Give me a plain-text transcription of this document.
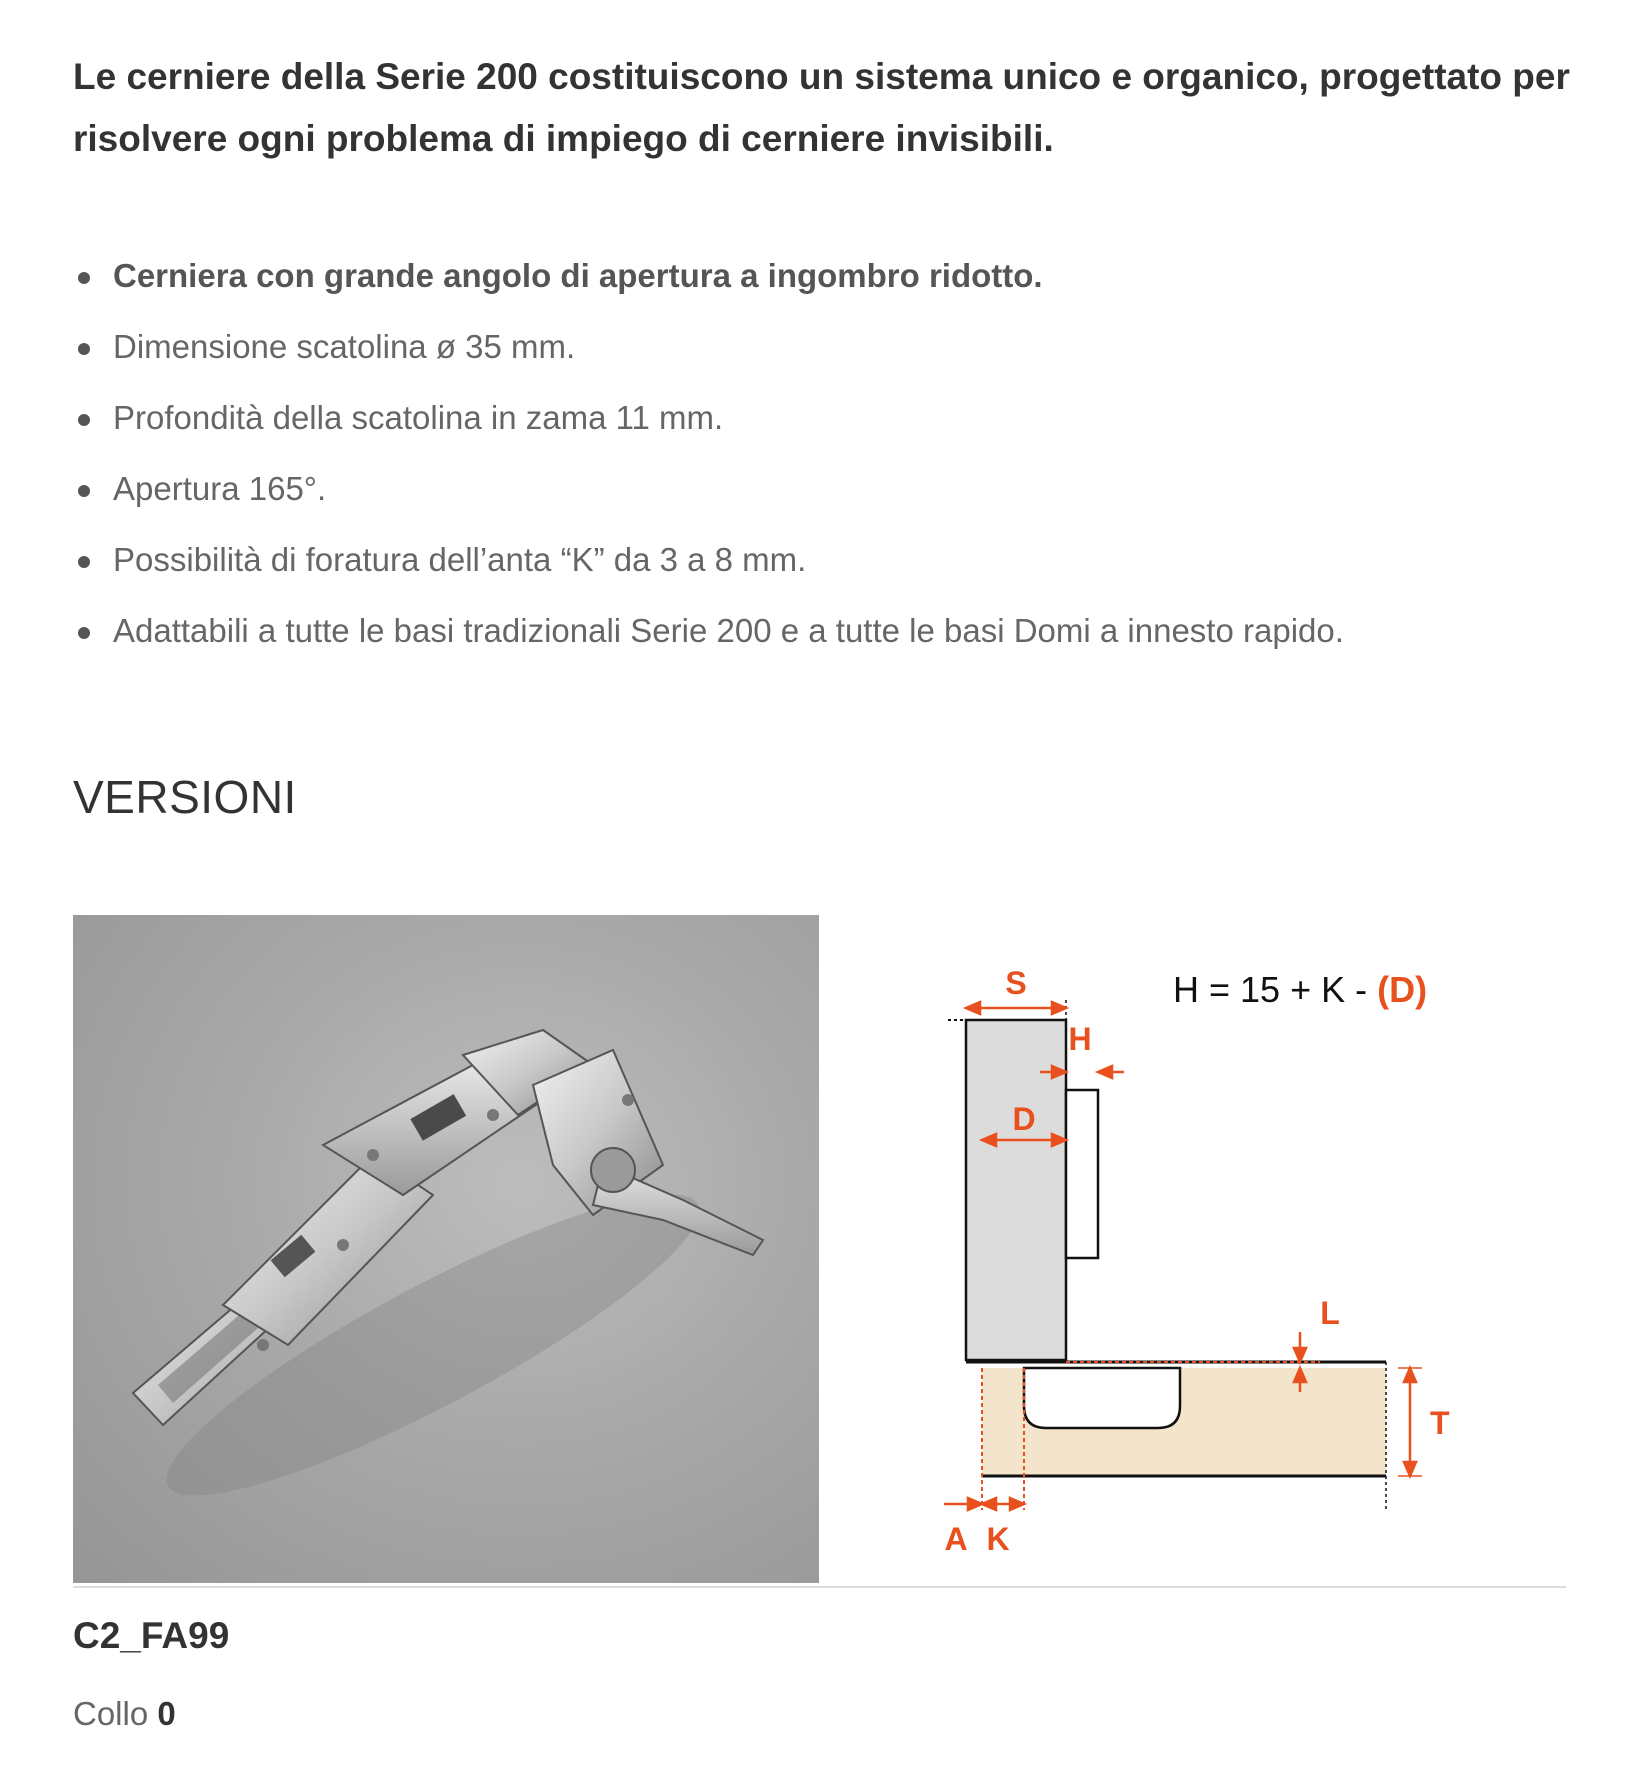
Le cerniere della Serie 200 costituiscono un sistema unico e organico, progettato per risolvere ogni problema di impiego di cerniere invisibili.

Cerniera con grande angolo di apertura a ingombro ridotto.
Dimensione scatolina ø 35 mm.
Profondità della scatolina in zama 11 mm.
Apertura 165°.
Possibilità di foratura dell’anta “K” da 3 a 8 mm.
Adattabili a tutte le basi tradizionali Serie 200 e a tutte le basi Domi a innesto rapido.
VERSIONI
S
H
D
L
T
A K
H = 15 + K - (D)
C2_FA99
Collo 0
